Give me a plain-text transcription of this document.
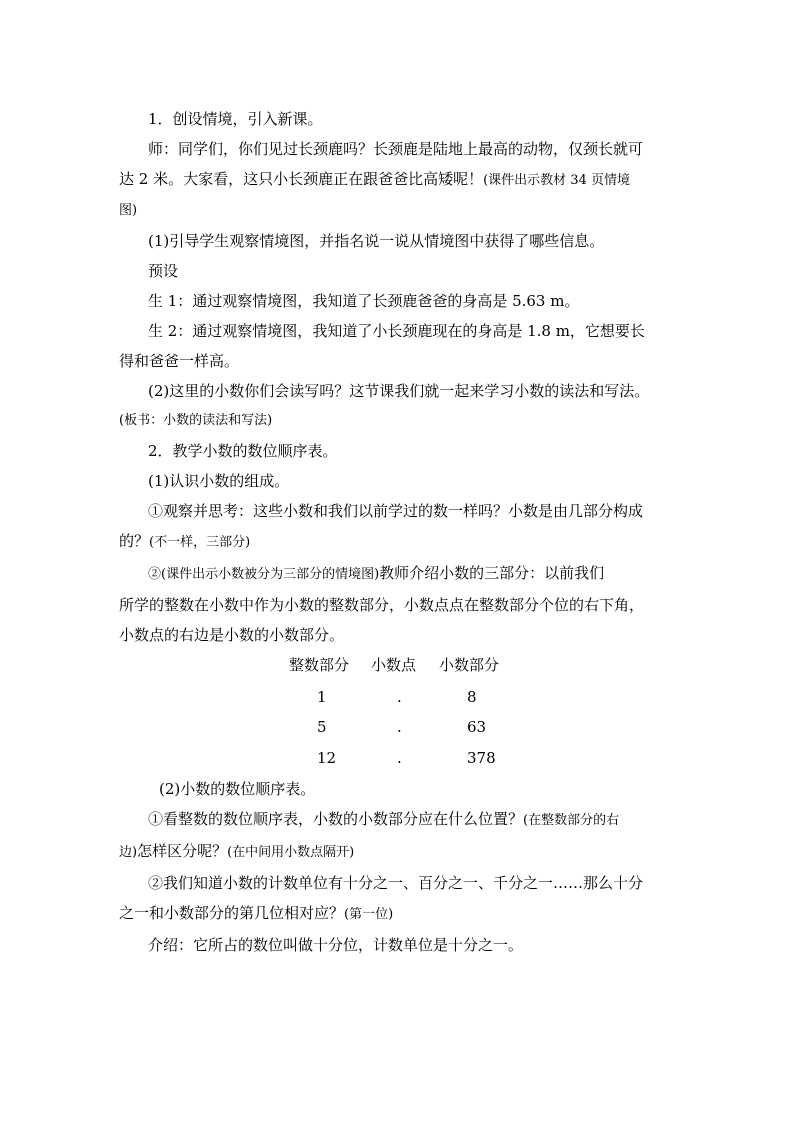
1．创设情境，引入新课。
师：同学们，你们见过长颈鹿吗？长颈鹿是陆地上最高的动物，仅颈长就可
达 2 米。大家看，这只小长颈鹿正在跟爸爸比高矮呢！(课件出示教材 34 页情境
图)
(1)引导学生观察情境图，并指名说一说从情境图中获得了哪些信息。
预设
生 1：通过观察情境图，我知道了长颈鹿爸爸的身高是 5.63 m。
生 2：通过观察情境图，我知道了小长颈鹿现在的身高是 1.8 m，它想要长
得和爸爸一样高。
(2)这里的小数你们会读写吗？这节课我们就一起来学习小数的读法和写法。
(板书：小数的读法和写法)
2．教学小数的数位顺序表。
(1)认识小数的组成。
①观察并思考：这些小数和我们以前学过的数一样吗？小数是由几部分构成
的？(不一样，三部分)
②(课件出示小数被分为三部分的情境图)教师介绍小数的三部分：以前我们
所学的整数在小数中作为小数的整数部分，小数点点在整数部分个位的右下角，
小数点的右边是小数的小数部分。
整数部分 小数点 小数部分
1	.	8
5	.	63
12	.	378
(2)小数的数位顺序表。
①看整数的数位顺序表，小数的小数部分应在什么位置？(在整数部分的右
边)怎样区分呢？(在中间用小数点隔开)
②我们知道小数的计数单位有十分之一、百分之一、千分之一……那么十分
之一和小数部分的第几位相对应？(第一位)
介绍：它所占的数位叫做十分位，计数单位是十分之一。
